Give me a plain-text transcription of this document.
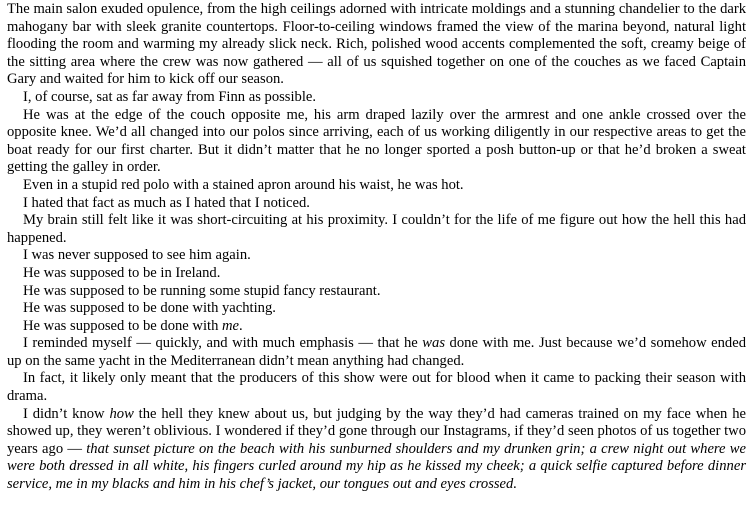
The main salon exuded opulence, from the high ceilings adorned with intricate moldings and a stunning chandelier to the dark mahogany bar with sleek granite countertops. Floor-to-ceiling windows framed the view of the marina beyond, natural light flooding the room and warming my already slick neck. Rich, polished wood accents complemented the soft, creamy beige of the sitting area where the crew was now gathered — all of us squished together on one of the couches as we faced Captain Gary and waited for him to kick off our season.

I, of course, sat as far away from Finn as possible.

He was at the edge of the couch opposite me, his arm draped lazily over the armrest and one ankle crossed over the opposite knee. We’d all changed into our polos since arriving, each of us working diligently in our respective areas to get the boat ready for our first charter. But it didn’t matter that he no longer sported a posh button-up or that he’d broken a sweat getting the galley in order.

Even in a stupid red polo with a stained apron around his waist, he was hot.

I hated that fact as much as I hated that I noticed.

My brain still felt like it was short-circuiting at his proximity. I couldn’t for the life of me figure out how the hell this had happened.

I was never supposed to see him again.

He was supposed to be in Ireland.

He was supposed to be running some stupid fancy restaurant.

He was supposed to be done with yachting.

He was supposed to be done with me.

I reminded myself — quickly, and with much emphasis — that he was done with me. Just because we’d somehow ended up on the same yacht in the Mediterranean didn’t mean anything had changed.

In fact, it likely only meant that the producers of this show were out for blood when it came to packing their season with drama.

I didn’t know how the hell they knew about us, but judging by the way they’d had cameras trained on my face when he showed up, they weren’t oblivious. I wondered if they’d gone through our Instagrams, if they’d seen photos of us together two years ago — that sunset picture on the beach with his sunburned shoulders and my drunken grin; a crew night out where we were both dressed in all white, his fingers curled around my hip as he kissed my cheek; a quick selfie captured before dinner service, me in my blacks and him in his chef’s jacket, our tongues out and eyes crossed.
